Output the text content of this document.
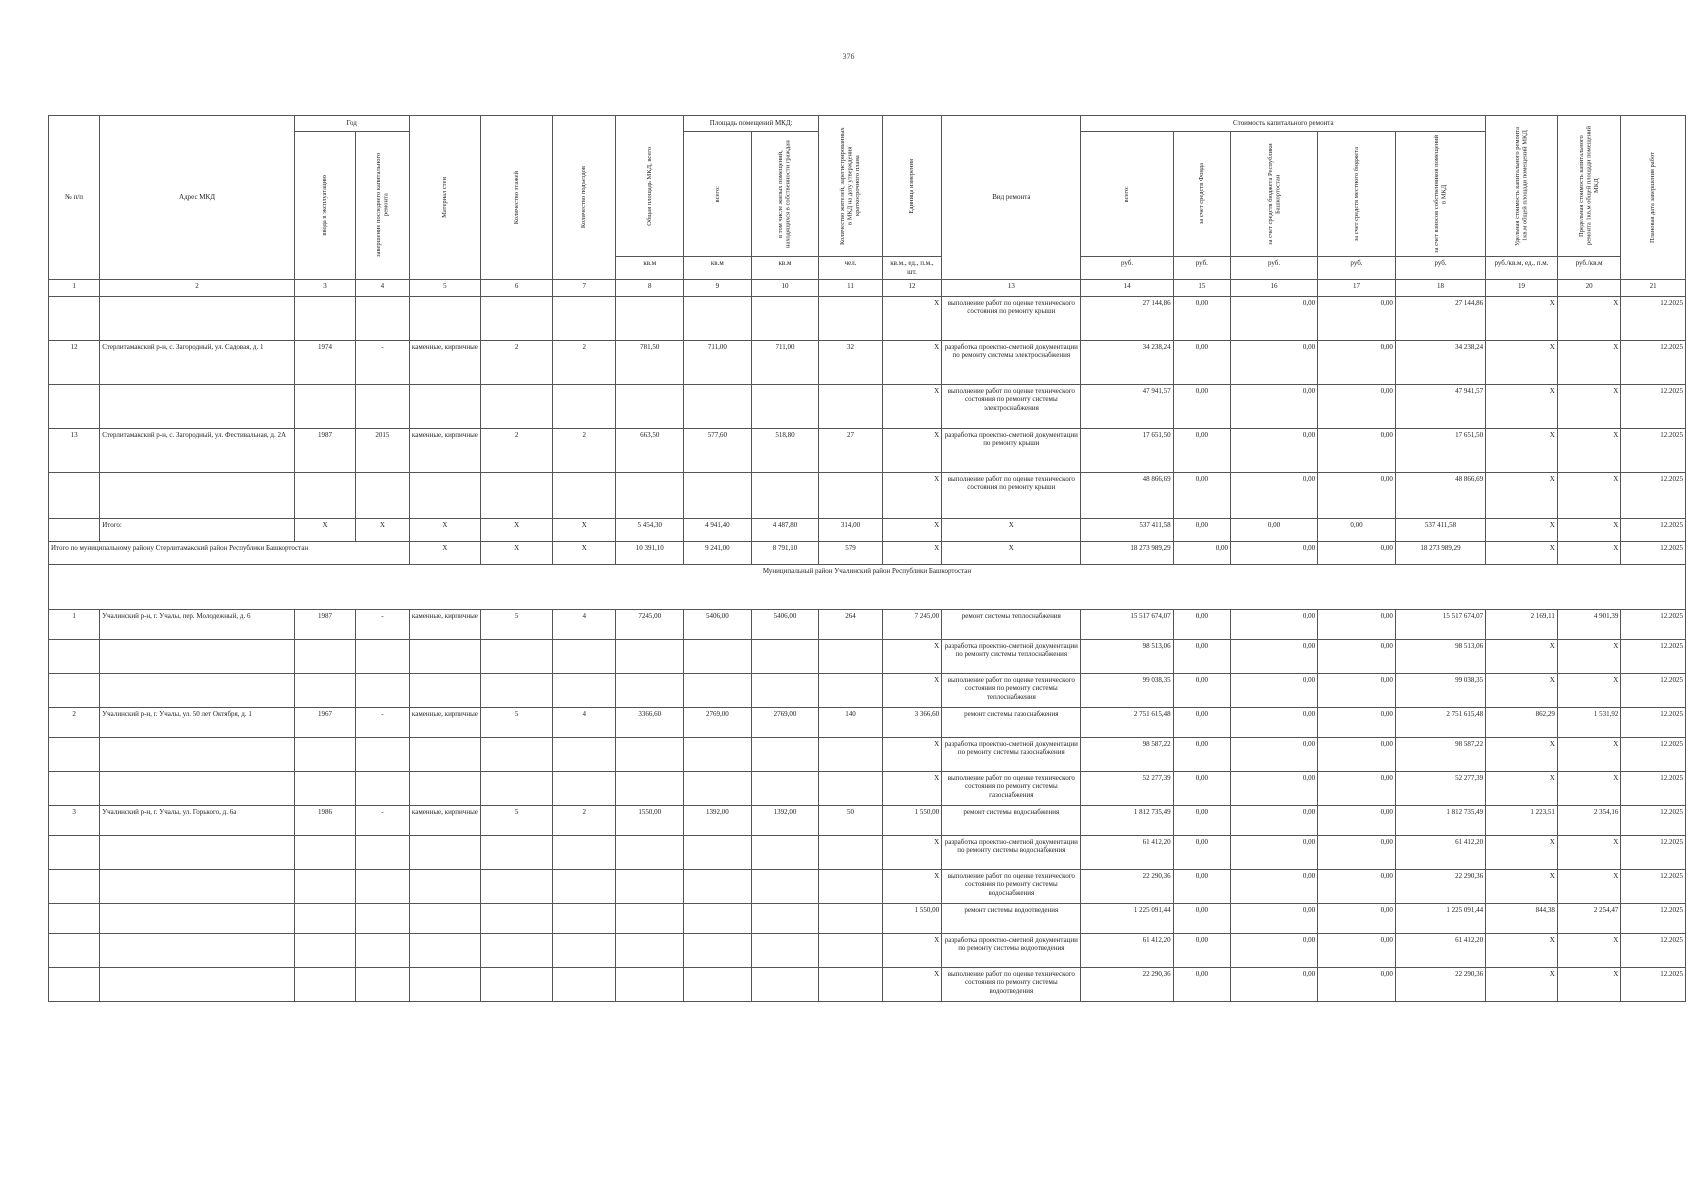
376
№ п/п	Адрес МКД	Год		Материал стен	Количество этажей	Количество подъездов	Общая площадь МКД, всего	Площадь помещений МКД:		Количество жителей, зарегистрированных в МКД на дату утверждения краткосрочного плана	Единица измерения	Вид ремонта	Стоимость капитального ремонта					Удельная стоимость капитального ремонта 1кв.м общей площади помещений МКД	Предельная стоимость капитального ремонта 1кв.м общей площади помещений МКД	Плановая дата завершения работ

		ввода в эксплуатацию	завершение последнего капитального ремонта					всего:	в том числе жилых помещений, находящихся в собственности граждан				всего:	за счет средств Фонда	за счет средств бюджета Республики Башкортостан	за счет средств местного бюджета	за счет взносов собственников помещений в МКД			

							кв.м	кв.м	кв.м	чел.	кв.м., ед., п.м., шт.		руб.	руб.	руб.	руб.	руб.	руб./кв.м, ед., п.м.	руб./кв.м	
1	2	3	4	5	6	7	8	9	10	11	12	13	14	15	16	17	18	19	20	21
											X	выполнение работ по оценке технического состояния по ремонту крыши	27 144,86	0,00	0,00	0,00	27 144,86	X	X	12.2025
12	Стерлитамакский р-н, с. Загородный, ул. Садовая, д. 1	1974	-	каменные, кирпичные	2	2	781,50	711,00	711,00	32	X	разработка проектно-сметной документации по ремонту системы электроснабжения	34 238,24	0,00	0,00	0,00	34 238,24	X	X	12.2025
											X	выполнение работ по оценке технического состояния по ремонту системы электроснабжения	47 941,57	0,00	0,00	0,00	47 941,57	X	X	12.2025
13	Стерлитамакский р-н, с. Загородный, ул. Фестивальная, д. 2А	1987	2015	каменные, кирпичные	2	2	663,50	577,60	518,80	27	X	разработка проектно-сметной документации по ремонту крыши	17 651,50	0,00	0,00	0,00	17 651,50	X	X	12.2025
											X	выполнение работ по оценке технического состояния по ремонту крыши	48 866,69	0,00	0,00	0,00	48 866,69	X	X	12.2025
	Итого:	X	X	X	X	X	5 454,30	4 941,40	4 487,80	314,00	X	X	537 411,58	0,00	0,00	0,00	537 411,58	X	X	12.2025
Итого по муниципальному району Стерлитамакский район Республики Башкортостан				X	X	X	10 391,10	9 241,00	8 791,10	579	X	X	18 273 989,29	0,00	0,00	0,00	18 273 989,29	X	X	12.2025
Муниципальный район Учалинский район Республики Башкортостан																				
1	Учалинский р-н, г. Учалы, пер. Молодежный, д. 6	1987	-	каменные, кирпичные	5	4	7245,00	5406,00	5406,00	264	7 245,00	ремонт системы теплоснабжения	15 517 674,07	0,00	0,00	0,00	15 517 674,07	2 169,11	4 901,39	12.2025
											X	разработка проектно-сметной документации по ремонту системы теплоснабжения	98 513,06	0,00	0,00	0,00	98 513,06	X	X	12.2025
											X	выполнение работ по оценке технического состояния по ремонту системы теплоснабжения	99 038,35	0,00	0,00	0,00	99 038,35	X	X	12.2025
2	Учалинский р-н, г. Учалы, ул. 50 лет Октября, д. 1	1967	-	каменные, кирпичные	5	4	3366,60	2769,00	2769,00	140	3 366,60	ремонт системы газоснабжения	2 751 615,48	0,00	0,00	0,00	2 751 615,48	862,29	1 531,92	12.2025
											X	разработка проектно-сметной документации по ремонту системы газоснабжения	98 587,22	0,00	0,00	0,00	98 587,22	X	X	12.2025
											X	выполнение работ по оценке технического состояния по ремонту системы газоснабжения	52 277,39	0,00	0,00	0,00	52 277,39	X	X	12.2025
3	Учалинский р-н, г. Учалы, ул. Горького, д. 6а	1986	-	каменные, кирпичные	5	2	1550,00	1392,00	1392,00	50	1 550,00	ремонт системы водоснабжения	1 812 735,49	0,00	0,00	0,00	1 812 735,49	1 223,51	2 354,16	12.2025
											X	разработка проектно-сметной документации по ремонту системы водоснабжения	61 412,20	0,00	0,00	0,00	61 412,20	X	X	12.2025
											X	выполнение работ по оценке технического состояния по ремонту системы водоснабжения	22 290,36	0,00	0,00	0,00	22 290,36	X	X	12.2025
											1 550,00	ремонт системы водоотведения	1 225 091,44	0,00	0,00	0,00	1 225 091,44	844,38	2 254,47	12.2025
											X	разработка проектно-сметной документации по ремонту системы водоотведения	61 412,20	0,00	0,00	0,00	61 412,20	X	X	12.2025
											X	выполнение работ по оценке технического состояния по ремонту системы водоотведения	22 290,36	0,00	0,00	0,00	22 290,36	X	X	12.2025
